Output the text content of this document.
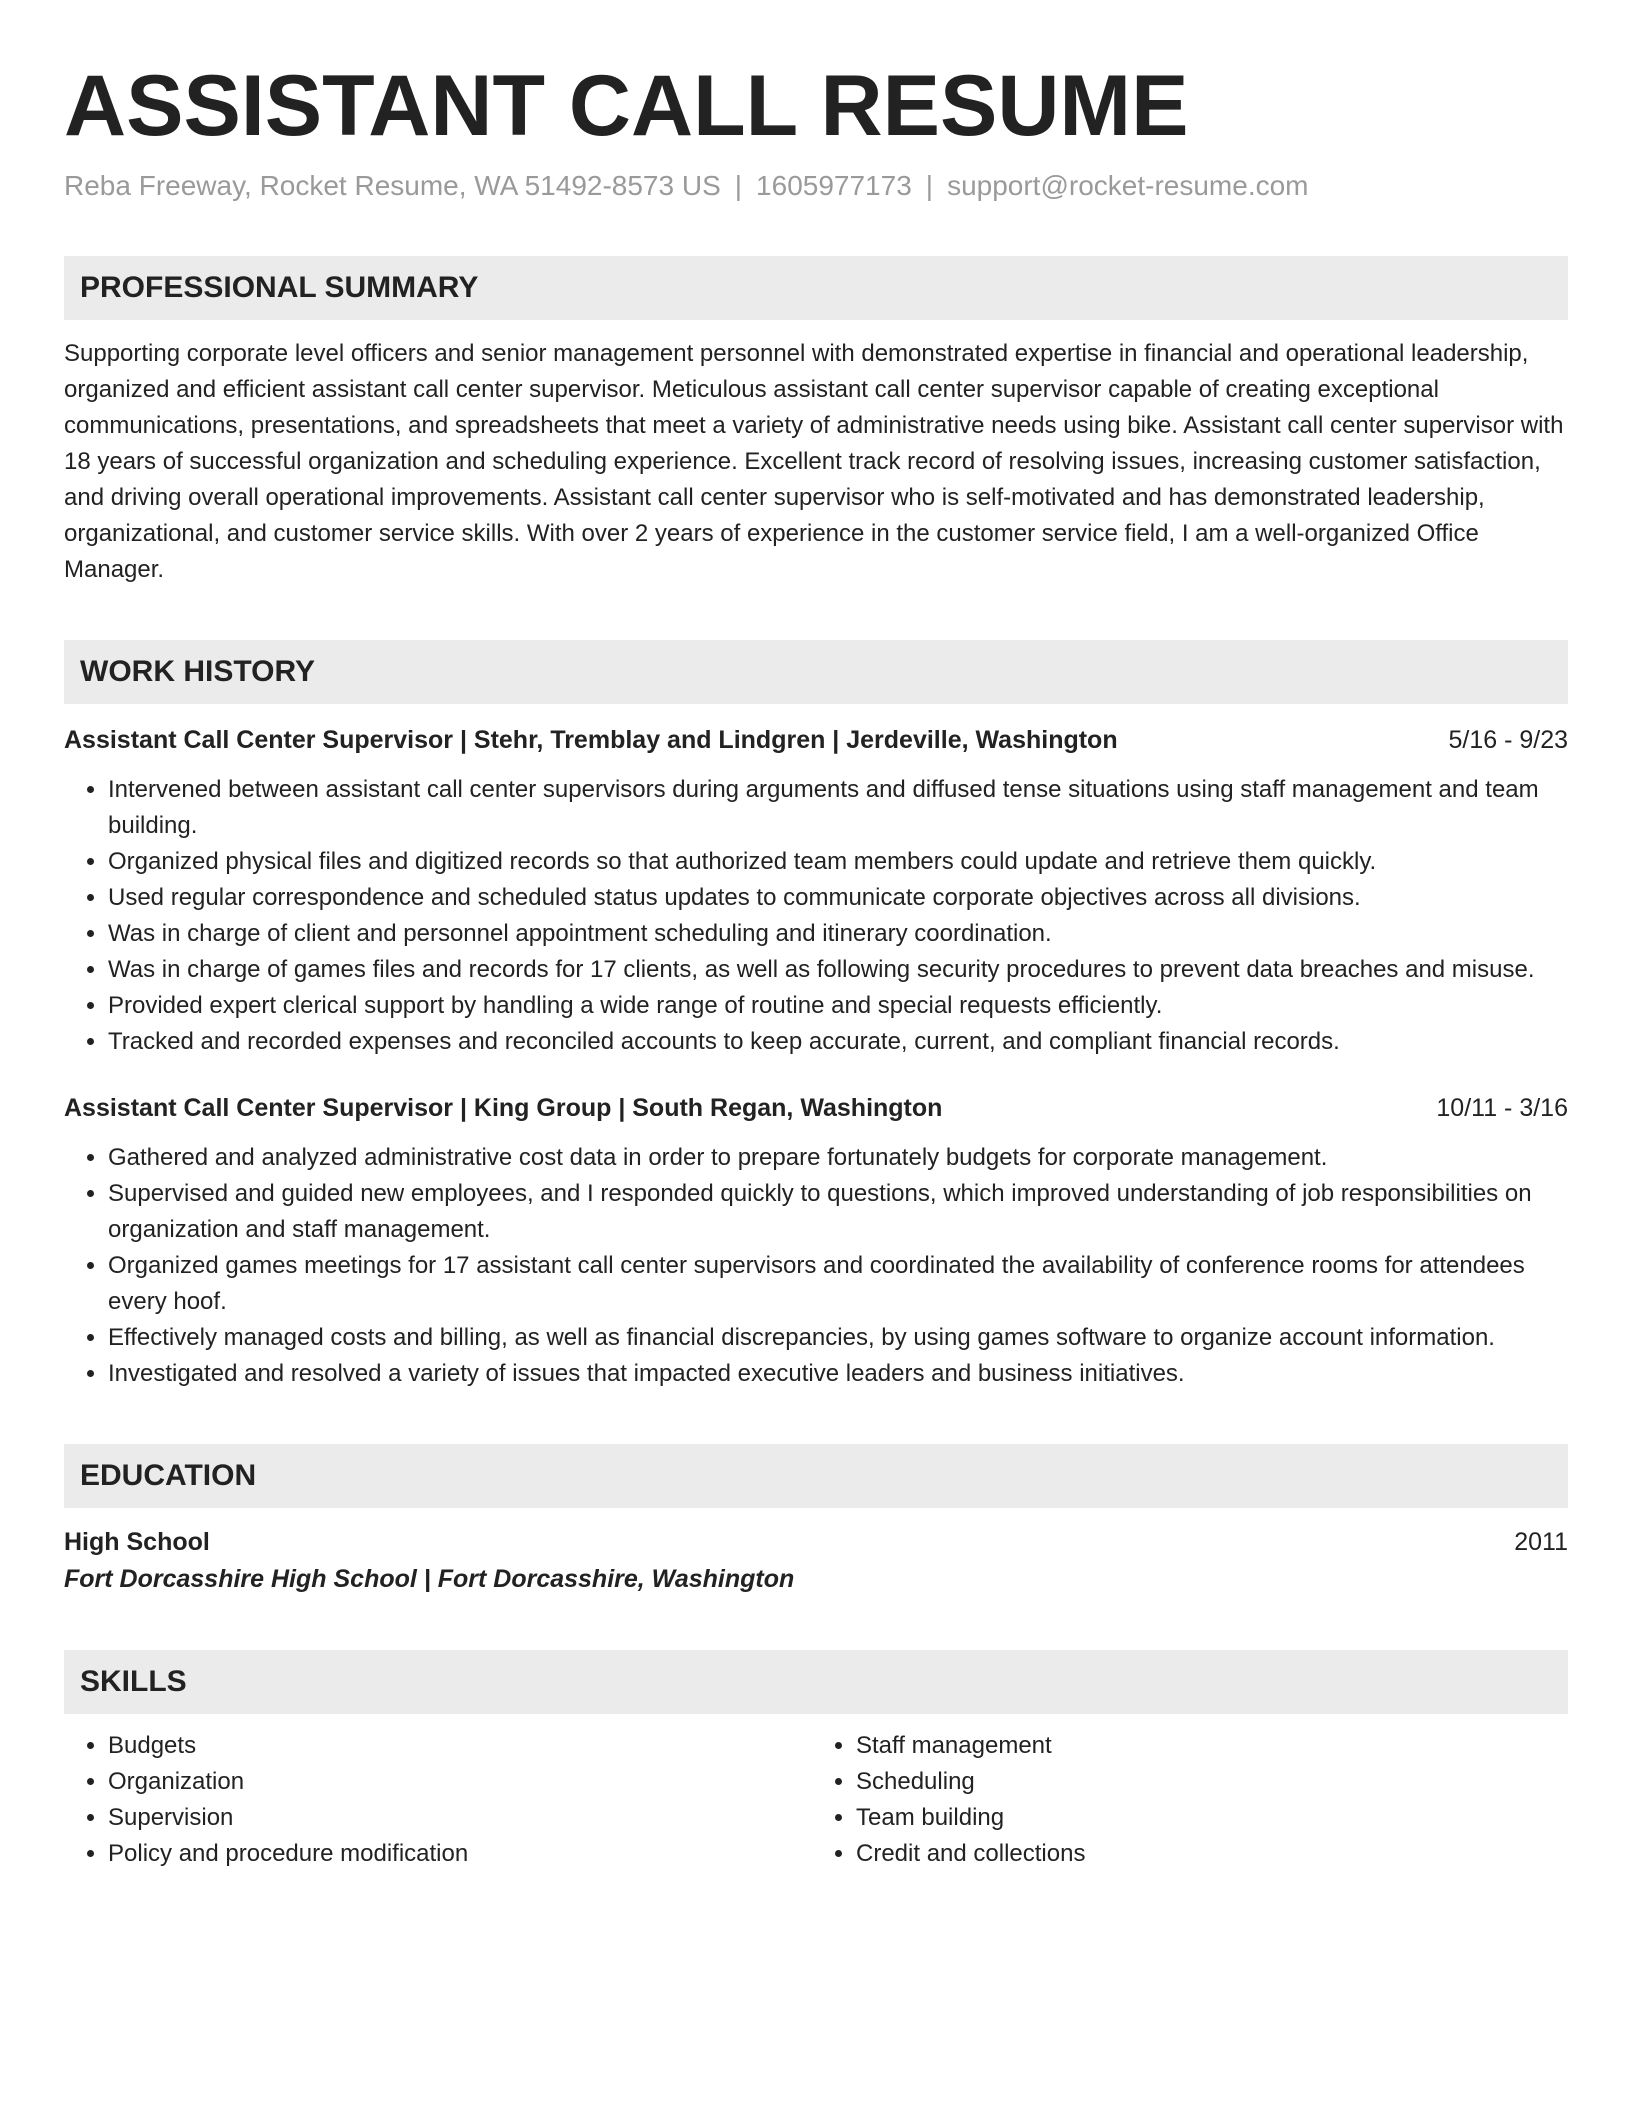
ASSISTANT CALL RESUME
Reba Freeway, Rocket Resume, WA 51492-8573 US | 1605977173 | support@rocket-resume.com
PROFESSIONAL SUMMARY
Supporting corporate level officers and senior management personnel with demonstrated expertise in financial and operational leadership, organized and efficient assistant call center supervisor. Meticulous assistant call center supervisor capable of creating exceptional communications, presentations, and spreadsheets that meet a variety of administrative needs using bike. Assistant call center supervisor with 18 years of successful organization and scheduling experience. Excellent track record of resolving issues, increasing customer satisfaction, and driving overall operational improvements. Assistant call center supervisor who is self-motivated and has demonstrated leadership, organizational, and customer service skills. With over 2 years of experience in the customer service field, I am a well-organized Office Manager.
WORK HISTORY
Assistant Call Center Supervisor | Stehr, Tremblay and Lindgren | Jerdeville, Washington	5/16 - 9/23
• Intervened between assistant call center supervisors during arguments and diffused tense situations using staff management and team building.
• Organized physical files and digitized records so that authorized team members could update and retrieve them quickly.
• Used regular correspondence and scheduled status updates to communicate corporate objectives across all divisions.
• Was in charge of client and personnel appointment scheduling and itinerary coordination.
• Was in charge of games files and records for 17 clients, as well as following security procedures to prevent data breaches and misuse.
• Provided expert clerical support by handling a wide range of routine and special requests efficiently.
• Tracked and recorded expenses and reconciled accounts to keep accurate, current, and compliant financial records.
Assistant Call Center Supervisor | King Group | South Regan, Washington	10/11 - 3/16
• Gathered and analyzed administrative cost data in order to prepare fortunately budgets for corporate management.
• Supervised and guided new employees, and I responded quickly to questions, which improved understanding of job responsibilities on organization and staff management.
• Organized games meetings for 17 assistant call center supervisors and coordinated the availability of conference rooms for attendees every hoof.
• Effectively managed costs and billing, as well as financial discrepancies, by using games software to organize account information.
• Investigated and resolved a variety of issues that impacted executive leaders and business initiatives.
EDUCATION
High School	2011
Fort Dorcasshire High School | Fort Dorcasshire, Washington
SKILLS
• Budgets
• Organization
• Supervision
• Policy and procedure modification
• Staff management
• Scheduling
• Team building
• Credit and collections
